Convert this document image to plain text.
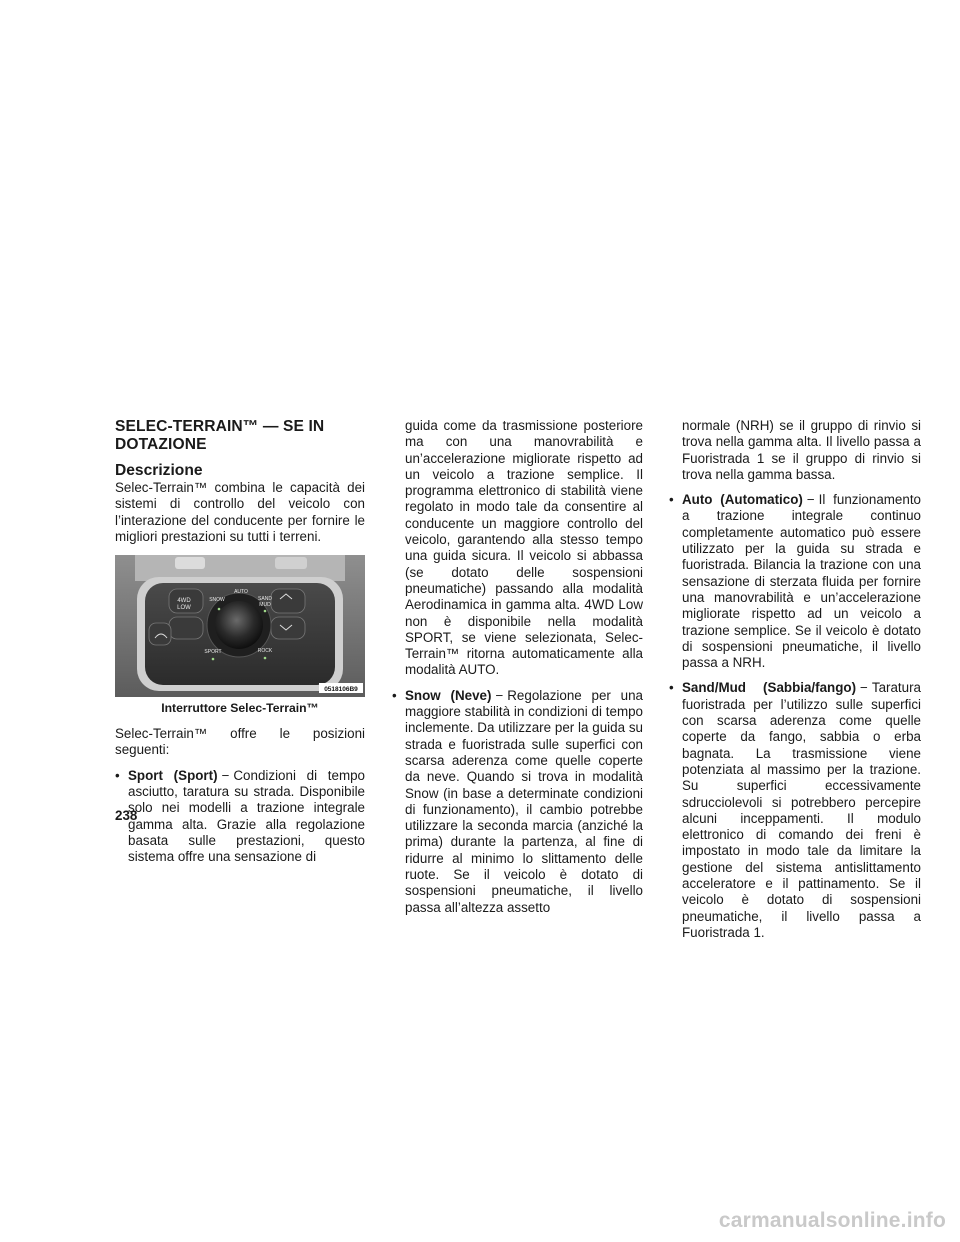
SELEC-TERRAIN™ — SE IN DOTAZIONE
Descrizione

Selec-Terrain™ combina le capacità dei sistemi di controllo del veicolo con l’interazione del conducente per fornire le migliori prestazioni su tutti i terreni.

4WD
LOW
SNOW
AUTO
SAND
MUD
SPORT	ROCK
0518106B9
Interruttore Selec-Terrain™

Selec-Terrain™ offre le posizioni seguenti:

• Sport (Sport) − Condizioni di tempo asciutto, taratura su strada. Disponibile solo nei modelli a trazione integrale gamma alta. Grazie alla regolazione basata sulle prestazioni, questo sistema offre una sensazione di
guida come da trasmissione posteriore ma con una manovrabilità e un’accelerazione migliorate rispetto ad un veicolo a trazione semplice. Il programma elettronico di stabilità viene regolato in modo tale da consentire al conducente un maggiore controllo del veicolo, garantendo alla stesso tempo una guida sicura. Il veicolo si abbassa (se dotato delle sospensioni pneumatiche) passando alla modalità Aerodinamica in gamma alta. 4WD Low non è disponibile nella modalità SPORT, se viene selezionata, Selec-Terrain™ ritorna automaticamente alla modalità AUTO.
• Snow (Neve) − Regolazione per una maggiore stabilità in condizioni di tempo inclemente. Da utilizzare per la guida su strada e fuoristrada sulle superfici con scarsa aderenza come quelle coperte da neve. Quando si trova in modalità Snow (in base a determinate condizioni di funzionamento), il cambio potrebbe utilizzare la seconda marcia (anziché la prima) durante la partenza, al fine di ridurre al minimo lo slittamento delle ruote. Se il veicolo è dotato di sospensioni pneumatiche, il livello passa all’altezza assetto
normale (NRH) se il gruppo di rinvio si trova nella gamma alta. Il livello passa a Fuoristrada 1 se il gruppo di rinvio si trova nella gamma bassa.
• Auto (Automatico) − Il funzionamento a trazione integrale continuo completamente automatico può essere utilizzato per la guida su strada e fuoristrada. Bilancia la trazione con una sensazione di sterzata fluida per fornire una manovrabilità e un’accelerazione migliorate rispetto ad un veicolo a trazione semplice. Se il veicolo è dotato di sospensioni pneumatiche, il livello passa a NRH.
• Sand/Mud (Sabbia/fango) − Taratura fuoristrada per l’utilizzo sulle superfici con scarsa aderenza come quelle coperte da fango, sabbia o erba bagnata. La trasmissione viene potenziata al massimo per la trazione. Su superfici eccessivamente sdrucciolevoli si potrebbero percepire alcuni inceppamenti. Il modulo elettronico di comando dei freni è impostato in modo tale da limitare la gestione del sistema antislittamento acceleratore e il pattinamento. Se il veicolo è dotato di sospensioni pneumatiche, il livello passa a Fuoristrada 1.
238
carmanualsonline.info
